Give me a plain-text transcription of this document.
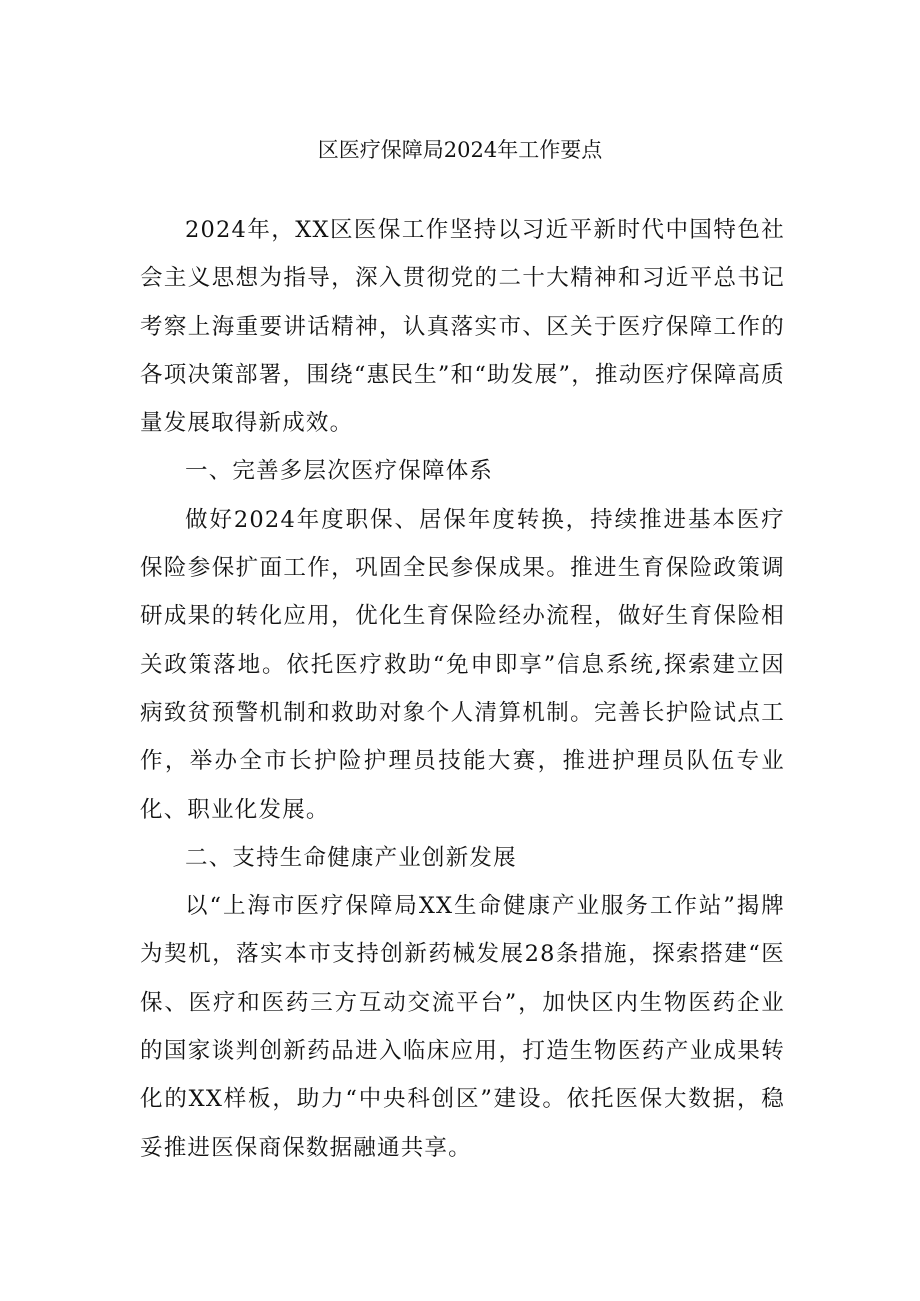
区医疗保障局2024年工作要点

2024年，XX区医保工作坚持以习近平新时代中国特色社会主义思想为指导，深入贯彻党的二十大精神和习近平总书记考察上海重要讲话精神，认真落实市、区关于医疗保障工作的各项决策部署，围绕“惠民生”和“助发展”，推动医疗保障高质量发展取得新成效。

一、完善多层次医疗保障体系

做好2024年度职保、居保年度转换，持续推进基本医疗保险参保扩面工作，巩固全民参保成果。推进生育保险政策调研成果的转化应用，优化生育保险经办流程，做好生育保险相关政策落地。依托医疗救助“免申即享”信息系统,探索建立因病致贫预警机制和救助对象个人清算机制。完善长护险试点工作，举办全市长护险护理员技能大赛，推进护理员队伍专业化、职业化发展。

二、支持生命健康产业创新发展

以“上海市医疗保障局XX生命健康产业服务工作站”揭牌为契机，落实本市支持创新药械发展28条措施，探索搭建“医保、医疗和医药三方互动交流平台”，加快区内生物医药企业的国家谈判创新药品进入临床应用，打造生物医药产业成果转化的XX样板，助力“中央科创区”建设。依托医保大数据，稳妥推进医保商保数据融通共享。
